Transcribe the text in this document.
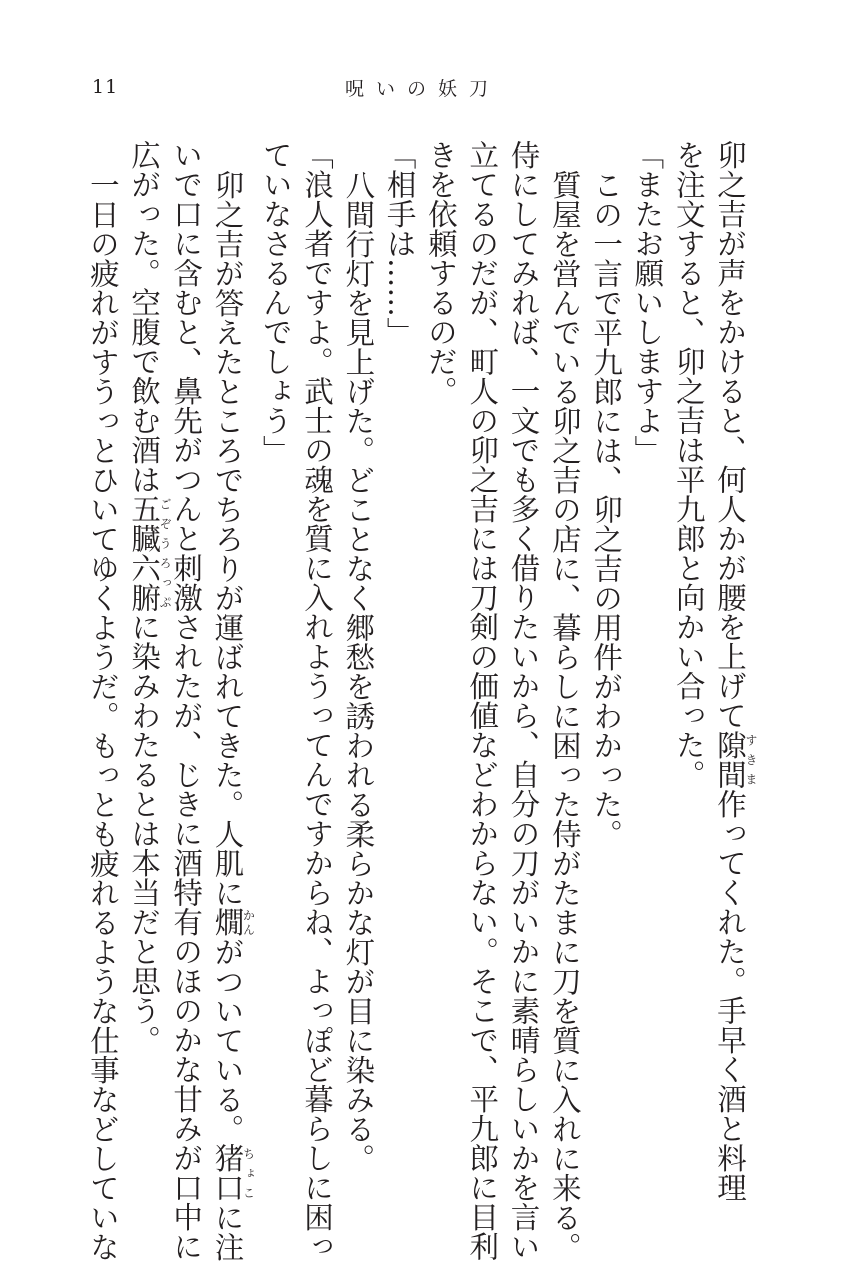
11	呪いの妖刀

卯之吉が声をかけると、何人かが腰を上げて隙間すきま作ってくれた。手早く酒と料理
を注文すると、卯之吉は平九郎と向かい合った。

「またお願いしますよ」

この一言で平九郎には、卯之吉の用件がわかった。

質屋を営んでいる卯之吉の店に、暮らしに困った侍がたまに刀を質に入れに来る。
侍にしてみれば、一文でも多く借りたいから、自分の刀がいかに素晴らしいかを言い
立てるのだが、町人の卯之吉には刀剣の価値などわからない。そこで、平九郎に目利
きを依頼するのだ。

「相手は……」

八間行灯を見上げた。どことなく郷愁を誘われる柔らかな灯が目に染みる。

「浪人者ですよ。武士の魂を質に入れようってんですからね、よっぽど暮らしに困っ
ていなさるんでしょう」

卯之吉が答えたところでちろりが運ばれてきた。人肌に燗かんがついている。猪口ちょこに注
いで口に含むと、鼻先がつんと刺激されたが、じきに酒特有のほのかな甘みが口中に
広がった。空腹で飲む酒は五臓六腑ごぞうろっぷに染みわたるとは本当だと思う。

一日の疲れがすうっとひいてゆくようだ。もっとも疲れるような仕事などしていな
